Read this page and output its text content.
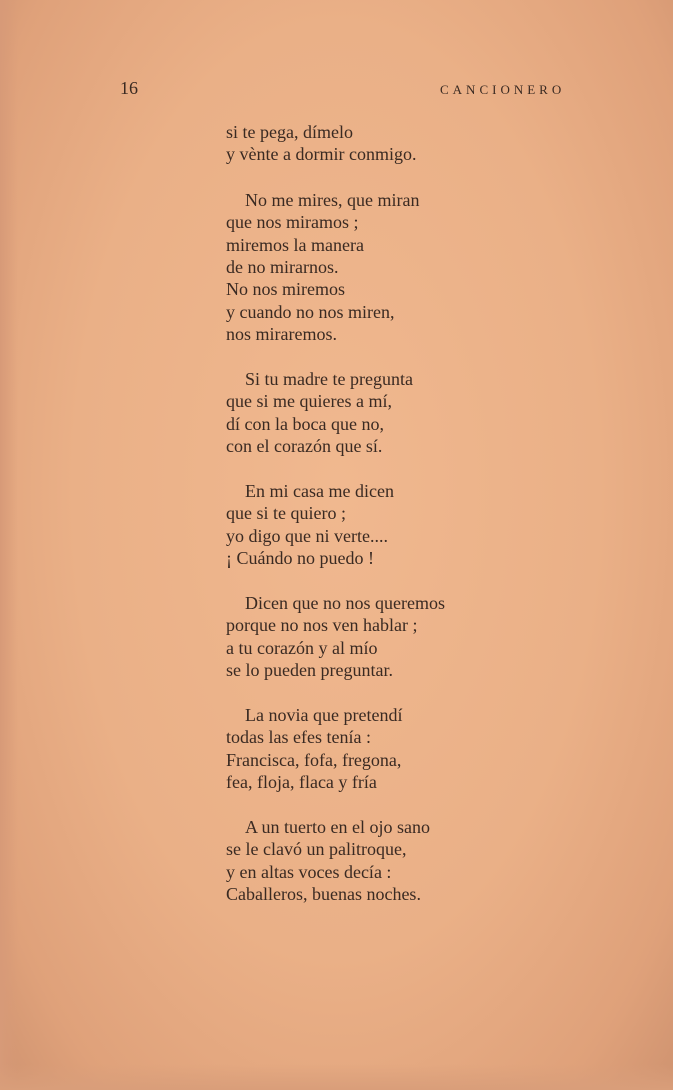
16	CANCIONERO
si te pega, dímelo
y vènte a dormir conmigo.
No me mires, que miran
que nos miramos ;
miremos la manera
de no mirarnos.
No nos miremos
y cuando no nos miren,
nos miraremos.
Si tu madre te pregunta
que si me quieres a mí,
dí con la boca que no,
con el corazón que sí.
En mi casa me dicen
que si te quiero ;
yo digo que ni verte....
¡ Cuándo no puedo !
Dicen que no nos queremos
porque no nos ven hablar ;
a tu corazón y al mío
se lo pueden preguntar.
La novia que pretendí
todas las efes tenía :
Francisca, fofa, fregona,
fea, floja, flaca y fría
A un tuerto en el ojo sano
se le clavó un palitroque,
y en altas voces decía :
Caballeros, buenas noches.
